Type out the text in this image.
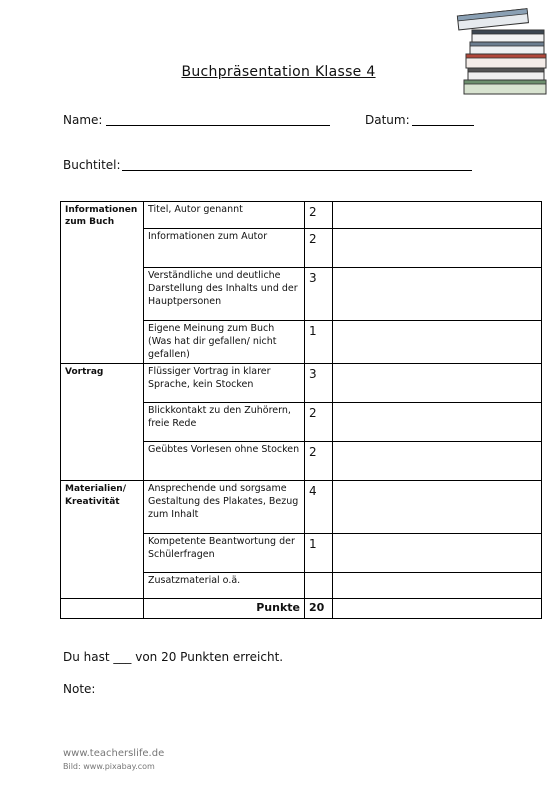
Buchpräsentation Klasse 4
Name:	Datum:
Buchtitel:
Informationen zum Buch	Titel, Autor genannt	2	
	Informationen zum Autor	2	
	Verständliche und deutliche Darstellung des Inhalts und der Hauptpersonen	3	
	Eigene Meinung zum Buch (Was hat dir gefallen/ nicht gefallen)	1	
Vortrag	Flüssiger Vortrag in klarer Sprache, kein Stocken	3	
	Blickkontakt zu den Zuhörern, freie Rede	2	
	Geübtes Vorlesen ohne Stocken	2	
Materialien/ Kreativität	Ansprechende und sorgsame Gestaltung des Plakates, Bezug zum Inhalt	4	
	Kompetente Beantwortung der Schülerfragen	1	
	Zusatzmaterial o.ä.		
	Punkte	20	
Du hast ___ von 20 Punkten erreicht.
Note:
www.teacherslife.de
Bild: www.pixabay.com
